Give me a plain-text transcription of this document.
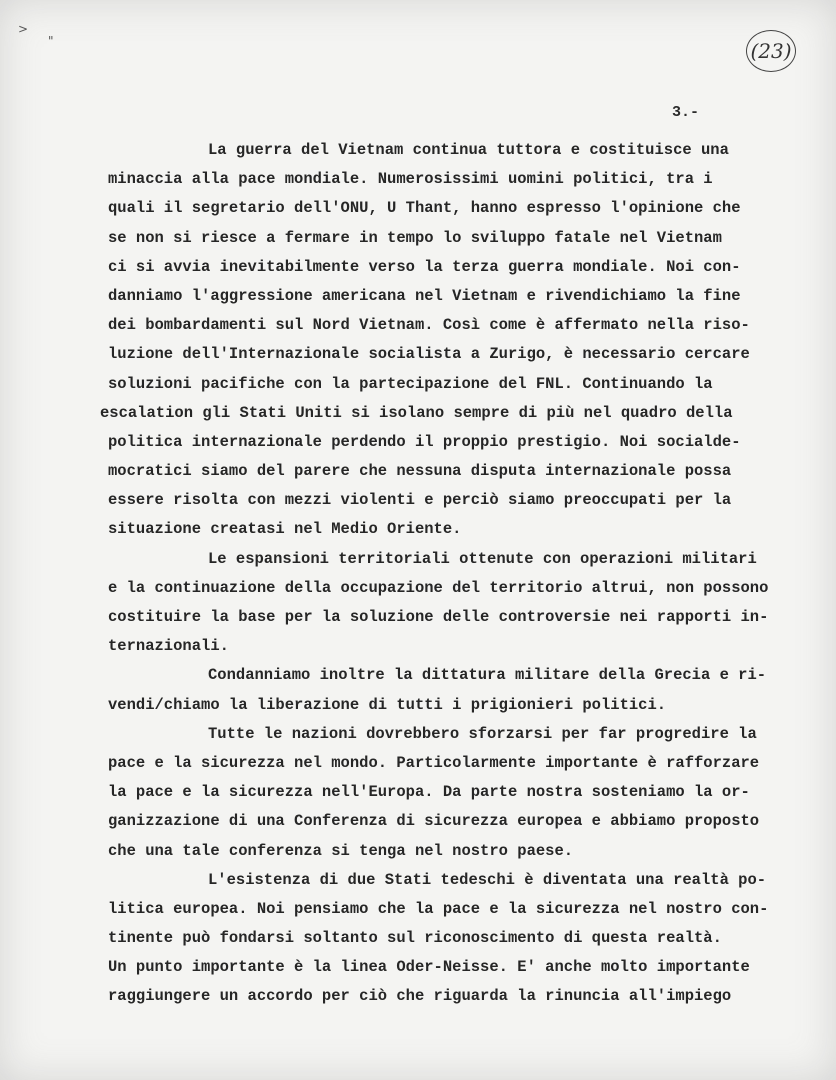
>
"	(23)
3.-
La guerra del Vietnam continua tuttora e costituisce una
minaccia alla pace mondiale. Numerosissimi uomini politici, tra i
quali il segretario dell'ONU, U Thant, hanno espresso l'opinione che
se non si riesce a fermare in tempo lo sviluppo fatale nel Vietnam
ci si avvia inevitabilmente verso la terza guerra mondiale. Noi con-
danniamo l'aggressione americana nel Vietnam e rivendichiamo la fine
dei bombardamenti sul Nord Vietnam. Così come è affermato nella riso-
luzione dell'Internazionale socialista a Zurigo, è necessario cercare
soluzioni pacifiche con la partecipazione del FNL. Continuando la
escalation gli Stati Uniti si isolano sempre di più nel quadro della
politica internazionale perdendo il proppio prestigio. Noi socialde-
mocratici siamo del parere che nessuna disputa internazionale possa
essere risolta con mezzi violenti e perciò siamo preoccupati per la
situazione creatasi nel Medio Oriente.
Le espansioni territoriali ottenute con operazioni militari
e la continuazione della occupazione del territorio altrui, non possono
costituire la base per la soluzione delle controversie nei rapporti in-
ternazionali.
Condanniamo inoltre la dittatura militare della Grecia e ri-
vendi/chiamo la liberazione di tutti i prigionieri politici.
Tutte le nazioni dovrebbero sforzarsi per far progredire la
pace e la sicurezza nel mondo. Particolarmente importante è rafforzare
la pace e la sicurezza nell'Europa. Da parte nostra sosteniamo la or-
ganizzazione di una Conferenza di sicurezza europea e abbiamo proposto
che una tale conferenza si tenga nel nostro paese.
L'esistenza di due Stati tedeschi è diventata una realtà po-
litica europea. Noi pensiamo che la pace e la sicurezza nel nostro con-
tinente può fondarsi soltanto sul riconoscimento di questa realtà.
Un punto importante è la linea Oder-Neisse. E' anche molto importante
raggiungere un accordo per ciò che riguarda la rinuncia all'impiego
